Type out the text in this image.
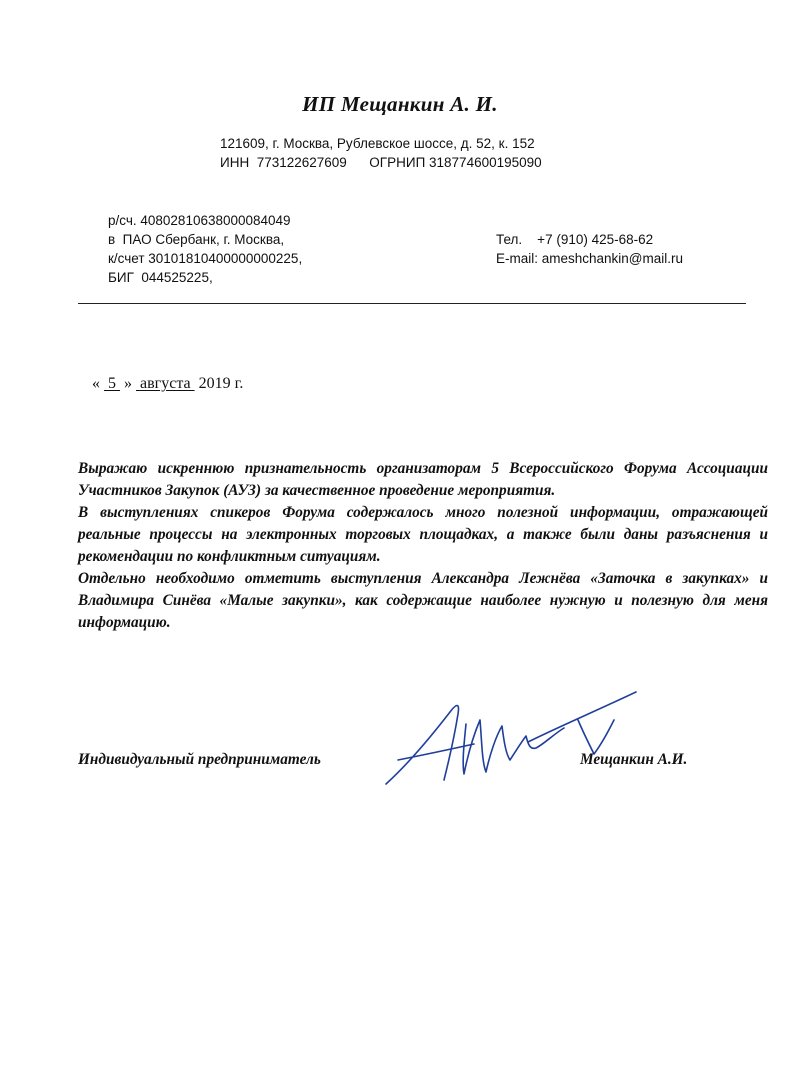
ИП Мещанкин А. И.
121609, г. Москва, Рублевское шоссе, д. 52, к. 152
ИНН  773122627609      ОГРНИП 318774600195090
р/сч. 40802810638000084049
в  ПАО Сбербанк, г. Москва,
к/счет 30101810400000000225,
БИГ  044525225,
Тел.    +7 (910) 425-68-62
E-mail: ameshchankin@mail.ru
«  5  »  августа  2019 г.

Выражаю искреннюю признательность организаторам 5 Всероссийского Форума Ассоциации Участников Закупок (АУЗ) за качественное проведение мероприятия.

В выступлениях спикеров Форума содержалось много полезной информации, отражающей реальные процессы на электронных торговых площадках, а также были даны разъяснения и рекомендации по конфликтным ситуациям.

Отдельно необходимо отметить выступления Александра Лежнёва «Заточка в закупках» и Владимира Синёва «Малые закупки», как содержащие наиболее нужную и полезную для меня информацию.

Индивидуальный предприниматель	Мещанкин А.И.
